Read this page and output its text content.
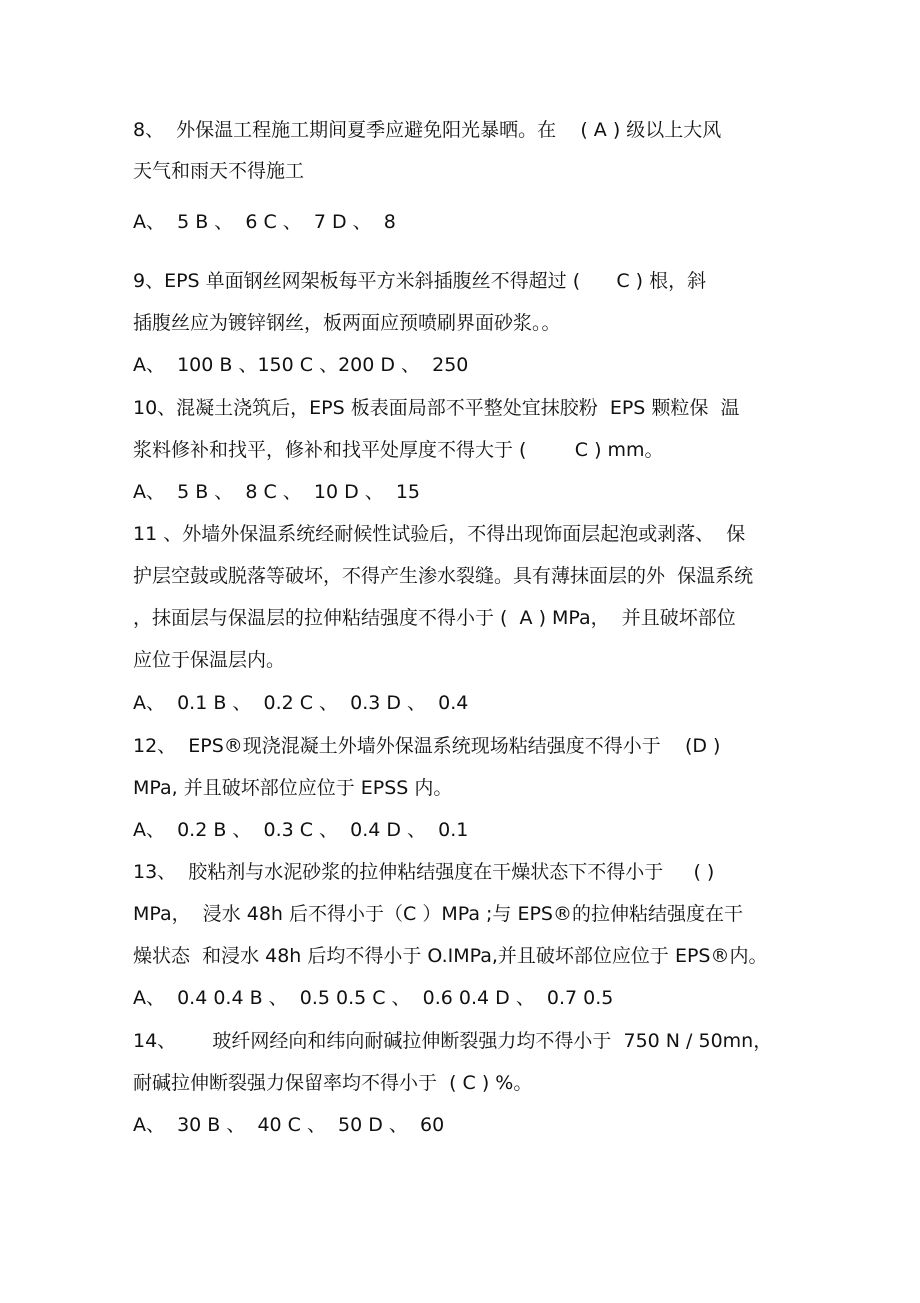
8、  外保温工程施工期间夏季应避免阳光暴晒。在    ( A ) 级以上大风

天气和雨天不得施工

A、  5 B 、  6 C 、  7 D 、  8

9、EPS 单面钢丝网架板每平方米斜插腹丝不得超过 (      C ) 根，斜

插腹丝应为镀锌钢丝，板两面应预喷刷界面砂浆。。

A、  100 B 、150 C 、200 D 、  250

10、混凝土浇筑后，EPS 板表面局部不平整处宜抹胶粉  EPS 颗粒保  温

浆料修补和找平，修补和找平处厚度不得大于 (        C ) mm。

A、  5 B 、  8 C 、  10 D 、  15

11 、外墙外保温系统经耐候性试验后，不得出现饰面层起泡或剥落、  保

护层空鼓或脱落等破坏，不得产生渗水裂缝。具有薄抹面层的外  保温系统

，抹面层与保温层的拉伸粘结强度不得小于 (  A ) MPa，  并且破坏部位

应位于保温层内。

A、  0.1 B 、  0.2 C 、  0.3 D 、  0.4

12、  EPS®现浇混凝土外墙外保温系统现场粘结强度不得小于    (D )

MPa, 并且破坏部位应位于 EPSS 内。

A、  0.2 B 、  0.3 C 、  0.4 D 、  0.1

13、  胶粘剂与水泥砂浆的拉伸粘结强度在干燥状态下不得小于     ( )

MPa，  浸水 48h 后不得小于（C ）MPa ;与 EPS®的拉伸粘结强度在干

燥状态  和浸水 48h 后均不得小于 O.IMPa,并且破坏部位应位于 EPS®内。

A、  0.4 0.4 B 、  0.5 0.5 C 、  0.6 0.4 D 、  0.7 0.5

14、      玻纤网经向和纬向耐碱拉伸断裂强力均不得小于  750 N / 50mn，

耐碱拉伸断裂强力保留率均不得小于  ( C ) %。

A、  30 B 、  40 C 、  50 D 、  60
